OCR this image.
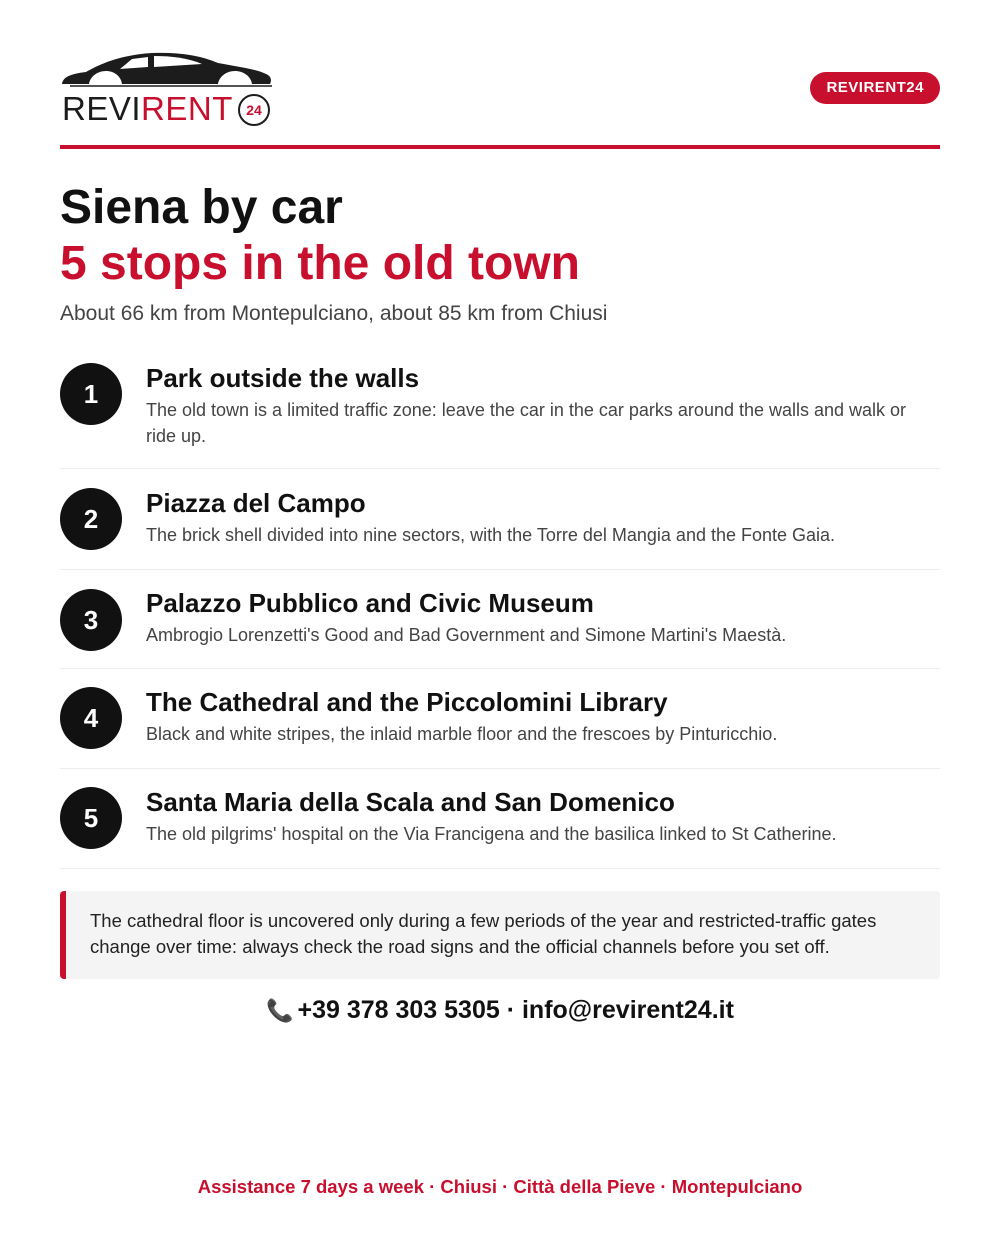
REVIRENT 24
REVIRENT24
Siena by car
5 stops in the old town
About 66 km from Montepulciano, about 85 km from Chiusi
1
Park outside the walls
The old town is a limited traffic zone: leave the car in the car parks around the walls and walk or ride up.
2
Piazza del Campo
The brick shell divided into nine sectors, with the Torre del Mangia and the Fonte Gaia.
3
Palazzo Pubblico and Civic Museum
Ambrogio Lorenzetti's Good and Bad Government and Simone Martini's Maestà.
4
The Cathedral and the Piccolomini Library
Black and white stripes, the inlaid marble floor and the frescoes by Pinturicchio.
5
Santa Maria della Scala and San Domenico
The old pilgrims' hospital on the Via Francigena and the basilica linked to St Catherine.
The cathedral floor is uncovered only during a few periods of the year and restricted-traffic gates change over time: always check the road signs and the official channels before you set off.
📞 +39 378 303 5305 · info@revirent24.it
Assistance 7 days a week · Chiusi · Città della Pieve · Montepulciano
